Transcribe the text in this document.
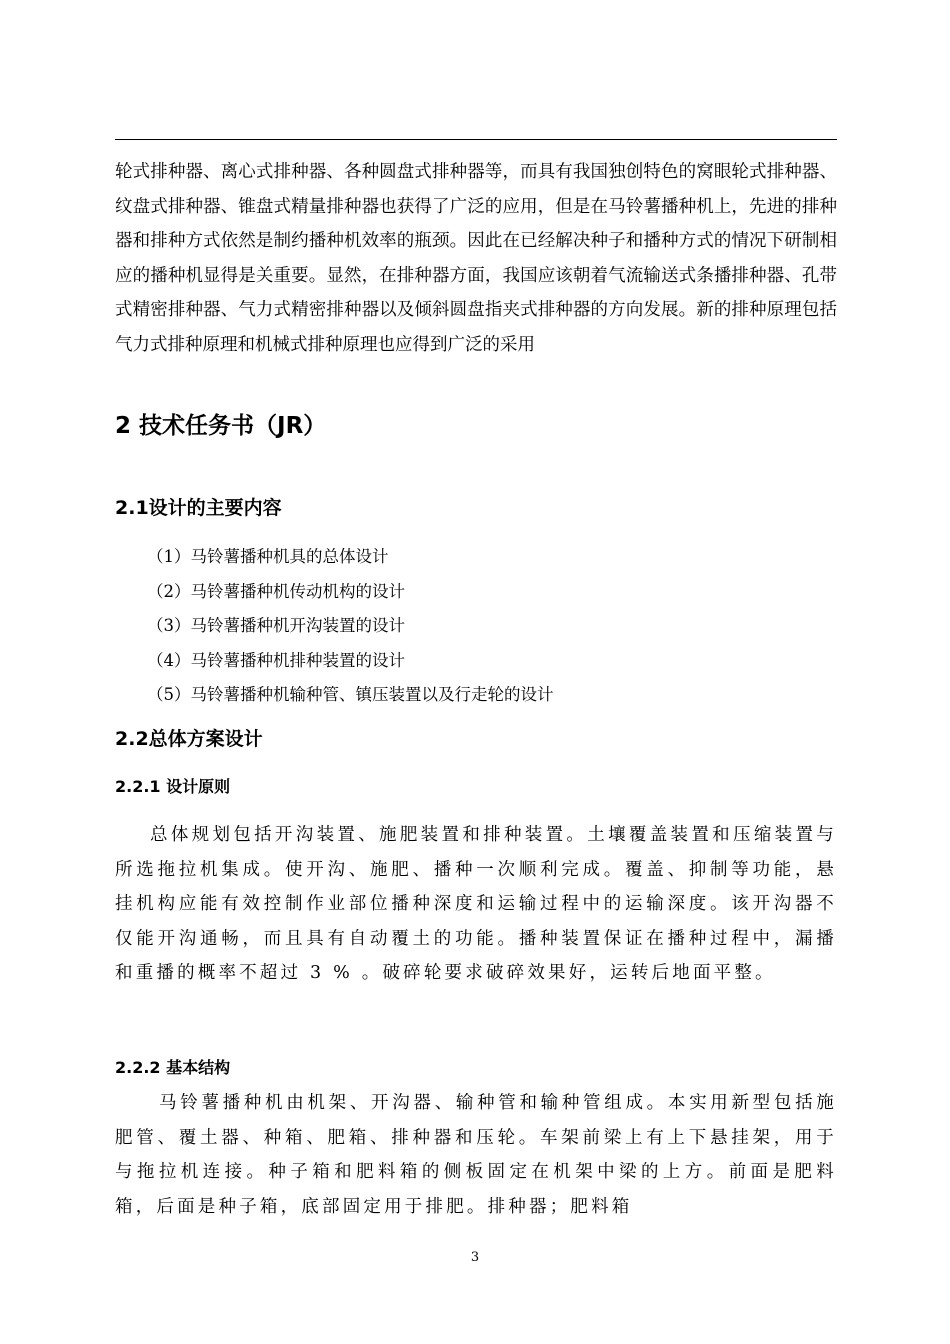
轮式排种器、离心式排种器、各种圆盘式排种器等，而具有我国独创特色的窝眼轮式排种器、纹盘式排种器、锥盘式精量排种器也获得了广泛的应用，但是在马铃薯播种机上，先进的排种器和排种方式依然是制约播种机效率的瓶颈。因此在已经解决种子和播种方式的情况下研制相应的播种机显得是关重要。显然，在排种器方面，我国应该朝着气流输送式条播排种器、孔带式精密排种器、气力式精密排种器以及倾斜圆盘指夹式排种器的方向发展。新的排种原理包括气力式排种原理和机械式排种原理也应得到广泛的采用

2 技术任务书（JR）
2.1设计的主要内容
（1）马铃薯播种机具的总体设计
（2）马铃薯播种机传动机构的设计
（3）马铃薯播种机开沟装置的设计
（4）马铃薯播种机排种装置的设计
（5）马铃薯播种机输种管、镇压装置以及行走轮的设计
2.2总体方案设计
2.2.1 设计原则

总体规划包括开沟装置、施肥装置和排种装置。土壤覆盖装置和压缩装置与所选拖拉机集成。使开沟、施肥、播种一次顺利完成。覆盖、抑制等功能，悬挂机构应能有效控制作业部位播种深度和运输过程中的运输深度。该开沟器不仅能开沟通畅，而且具有自动覆土的功能。播种装置保证在播种过程中，漏播和重播的概率不超过 3 % 。破碎轮要求破碎效果好，运转后地面平整。

2.2.2 基本结构

马铃薯播种机由机架、开沟器、输种管和输种管组成。本实用新型包括施肥管、覆土器、种箱、肥箱、排种器和压轮。车架前梁上有上下悬挂架，用于与拖拉机连接。种子箱和肥料箱的侧板固定在机架中梁的上方。前面是肥料箱，后面是种子箱，底部固定用于排肥。排种器；肥料箱

3
